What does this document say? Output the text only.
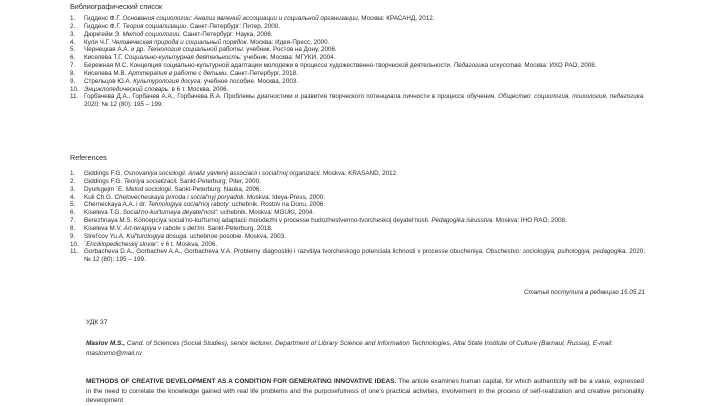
Библиографический список
1. Гидденс Ф.Г. Основания социологии: Анализ явлений ассоциации и социальной организации. Москва: КРАСАНД, 2012.
2. Гидденс Ф.Г. Теория социализации. Санкт-Петербург: Питер, 2000.
3. Дюркгейм Э. Метод социологии. Санкт-Петербург: Наука, 2006.
4. Кули Ч.Г. Человеческая природа и социальный порядок. Москва: Идея-Пресс, 2000.
5. Чернецкая А.А. и др. Технология социальной работы: учебник. Ростов на Дону, 2006.
6. Киселева Т.Г. Социально-культурная деятельность: учебник. Москва: МГУКИ, 2004.
7. Бережная М.С. Концепция социально-культурной адаптации молодежи в процессе художественно-творческой деятельности. Педагогика искусства. Москва: ИХО РАО, 2008.
8. Киселева М.В. Арттерапия в работе с детьми. Санкт-Петербург, 2018.
9. Стрельцов Ю.А. Культурология досуга: учебное пособие. Москва, 2003.
10. Энциклопедический словарь: в 6 т. Москва, 2006.
11. Горбачева Д.А., Горбачев А.А., Горбачева В.А. Проблемы диагностики и развития творческого потенциала личности в процессе обучения. Общество: социология, психология, педагогика. 2020; № 12 (80): 195 – 199.
References
1. Giddings F.G. Osnovaniya sociologii: Analiz yavlenij associacii i social'noj organizacii. Moskva: KRASAND, 2012.
2. Giddings F.G. Teoriya socializacii. Sankt-Peterburg: Piter, 2000.
3. Dyurkgejm `E. Metod sociologii. Sankt-Peterburg: Nauka, 2006.
4. Kuli Ch.G. Chelovecheskaya priroda i social'nyj poryadok. Moskva: Ideya-Press, 2000.
5. Cherneckaya A.A. i dr. Tehnologiya social'noj raboty: uchebnik. Rostov na Donu, 2006.
6. Kiseleva T.G. Social'no-kul'turnaya deyatel'nost': uchebnik. Moskva: MGUKI, 2004.
7. Berezhnaya M.S. Koncepciya social'no-kul'turnoj adaptacii molodezhi v processe hudozhestvenno-tvorcheskoj deyatel'nosti. Pedagogika iskusstva. Moskva: IHO RAO, 2008.
8. Kiseleva M.V. Art-terapiya v rabote s det'mi. Sankt-Peterburg, 2018.
9. Strel'cov Yu.A. Kul'turologiya dosuga: uchebnoe posobie. Moskva, 2003.
10. `Enciklopedicheskij slovar': v 6 t. Moskva, 2006.
11. Gorbacheva D.A., Gorbachev A.A., Gorbacheva V.A. Problemy diagnostiki i razvitiya tvorcheskogo potenciala lichnosti v processe obucheniya. Obschestvo: sociologiya, psihologiya, pedagogika. 2020; № 12 (80): 195 – 199.
Статья поступила в редакцию 15.05.21
УДК 37
Maslov M.S., Cand. of Sciences (Social Studies), senior lecturer, Department of Library Science and Information Technologies, Altai State Institute of Culture (Barnaul, Russia), E-mail: maslovmo@mail.ru
METHODS OF CREATIVE DEVELOPMENT AS A CONDITION FOR GENERATING INNOVATIVE IDEAS. The article examines human capital, for which authenticity will be a value, expressed in the need to correlate the knowledge gained with real life problems and the purposefulness of one's practical activities, involvement in the process of self-realization and creative personality development
